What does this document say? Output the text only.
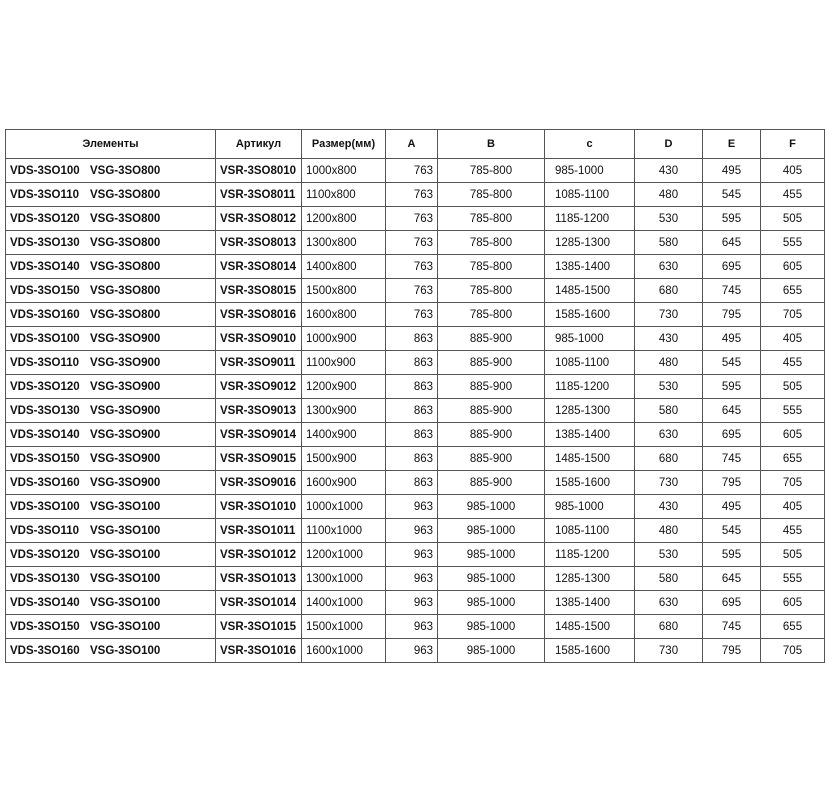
Элементы	Артикул	Размер(мм)	A	B	c	D	E	F
VDS-3SO100 VSG-3SO800	VSR-3SO8010	1000x800	763	785-800	985-1000	430	495	405
VDS-3SO110 VSG-3SO800	VSR-3SO8011	1100x800	763	785-800	1085-1100	480	545	455
VDS-3SO120 VSG-3SO800	VSR-3SO8012	1200x800	763	785-800	1185-1200	530	595	505
VDS-3SO130 VSG-3SO800	VSR-3SO8013	1300x800	763	785-800	1285-1300	580	645	555
VDS-3SO140 VSG-3SO800	VSR-3SO8014	1400x800	763	785-800	1385-1400	630	695	605
VDS-3SO150 VSG-3SO800	VSR-3SO8015	1500x800	763	785-800	1485-1500	680	745	655
VDS-3SO160 VSG-3SO800	VSR-3SO8016	1600x800	763	785-800	1585-1600	730	795	705
VDS-3SO100 VSG-3SO900	VSR-3SO9010	1000x900	863	885-900	985-1000	430	495	405
VDS-3SO110 VSG-3SO900	VSR-3SO9011	1100x900	863	885-900	1085-1100	480	545	455
VDS-3SO120 VSG-3SO900	VSR-3SO9012	1200x900	863	885-900	1185-1200	530	595	505
VDS-3SO130 VSG-3SO900	VSR-3SO9013	1300x900	863	885-900	1285-1300	580	645	555
VDS-3SO140 VSG-3SO900	VSR-3SO9014	1400x900	863	885-900	1385-1400	630	695	605
VDS-3SO150 VSG-3SO900	VSR-3SO9015	1500x900	863	885-900	1485-1500	680	745	655
VDS-3SO160 VSG-3SO900	VSR-3SO9016	1600x900	863	885-900	1585-1600	730	795	705
VDS-3SO100 VSG-3SO100	VSR-3SO1010	1000x1000	963	985-1000	985-1000	430	495	405
VDS-3SO110 VSG-3SO100	VSR-3SO1011	1100x1000	963	985-1000	1085-1100	480	545	455
VDS-3SO120 VSG-3SO100	VSR-3SO1012	1200x1000	963	985-1000	1185-1200	530	595	505
VDS-3SO130 VSG-3SO100	VSR-3SO1013	1300x1000	963	985-1000	1285-1300	580	645	555
VDS-3SO140 VSG-3SO100	VSR-3SO1014	1400x1000	963	985-1000	1385-1400	630	695	605
VDS-3SO150 VSG-3SO100	VSR-3SO1015	1500x1000	963	985-1000	1485-1500	680	745	655
VDS-3SO160 VSG-3SO100	VSR-3SO1016	1600x1000	963	985-1000	1585-1600	730	795	705
